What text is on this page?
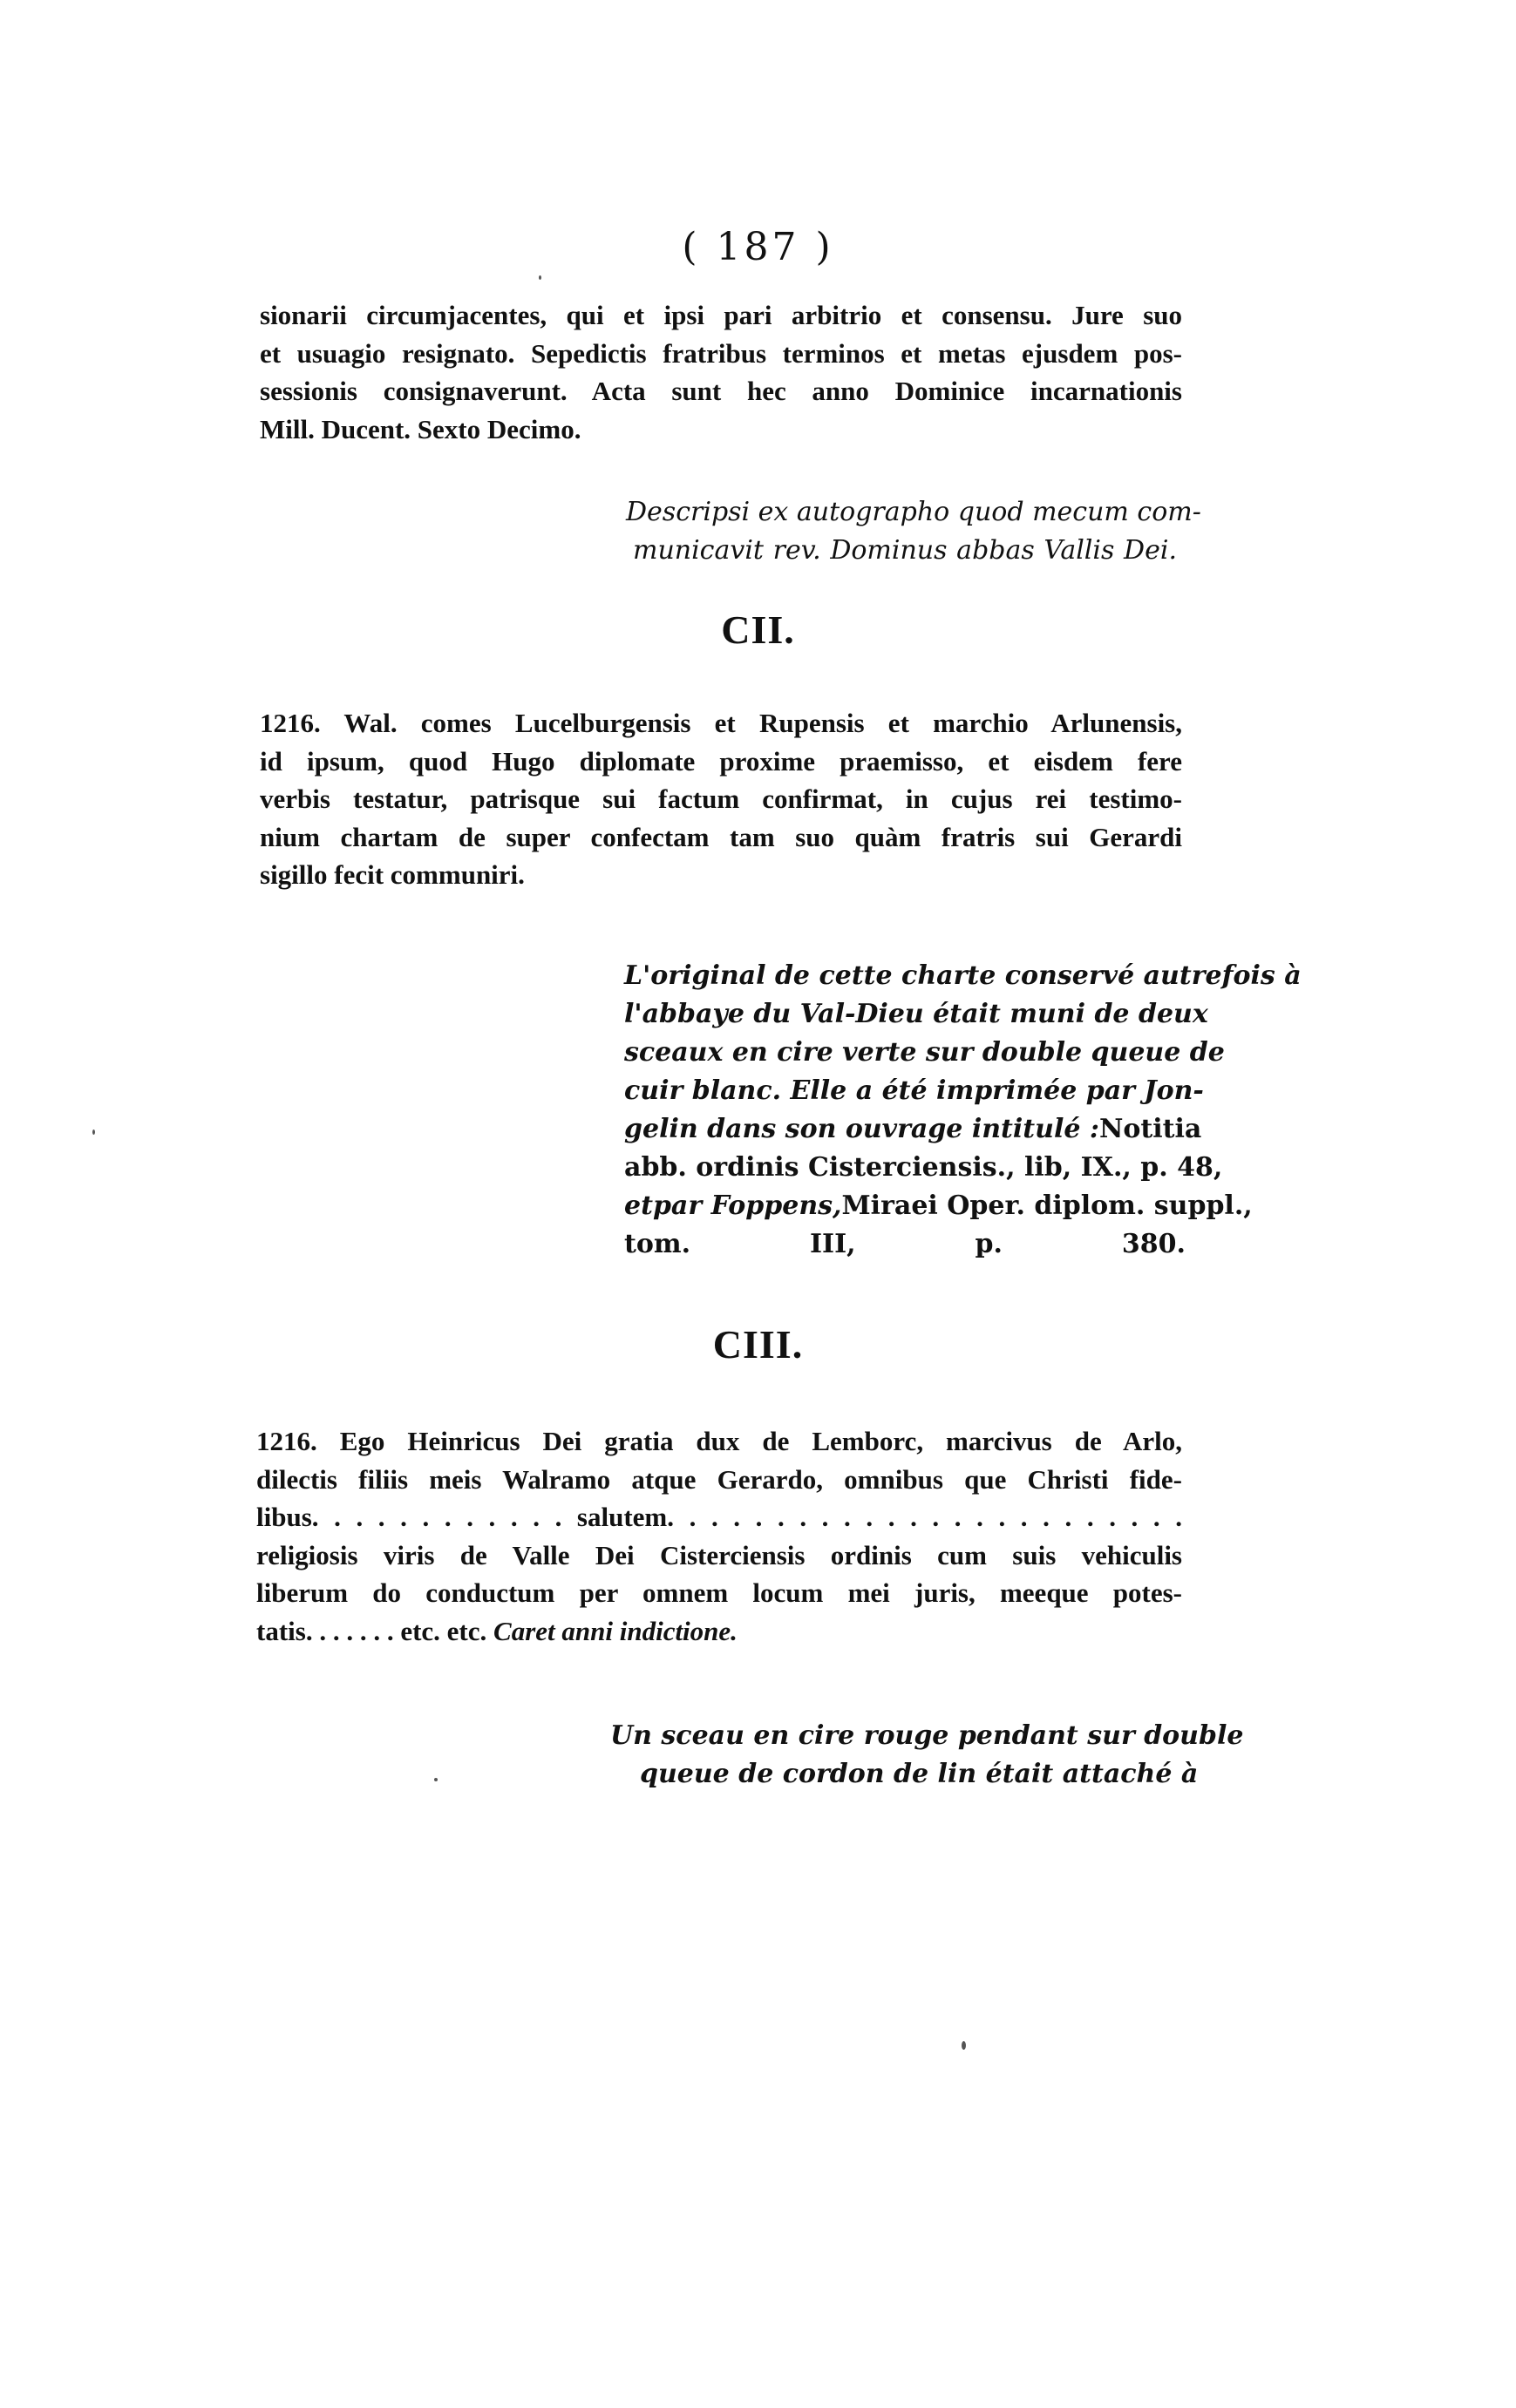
( 187 )
sionarii circumjacentes, qui et ipsi pari arbitrio et consensu. Jure suo
et usuagio resignato. Sepedictis fratribus terminos et metas ejusdem pos-
sessionis consignaverunt. Acta sunt hec anno Dominice incarnationis
Mill. Ducent. Sexto Decimo.
Descripsi ex autographo quod mecum com-
municavit rev. Dominus abbas Vallis Dei.
CII.
1216. Wal. comes Lucelburgensis et Rupensis et marchio Arlunensis,
id ipsum, quod Hugo diplomate proxime praemisso, et eisdem fere
verbis testatur, patrisque sui factum confirmat, in cujus rei testimo-
nium chartam de super confectam tam suo quàm fratris sui Gerardi
sigillo fecit communiri.
L'original de cette charte conservé autrefois à
l'abbaye du Val-Dieu était muni de deux
sceaux en cire verte sur double queue de
cuir blanc. Elle a été imprimée par Jon-
gelin dans son ouvrage intitulé : Notitia
abb. ordinis Cisterciensis., lib, IX., p. 48,
etpar Foppens, Miraei Oper. diplom. suppl.,
tom. III, p. 380.
CIII.
1216. Ego Heinricus Dei gratia dux de Lemborc, marcivus de Arlo,
dilectis filiis meis Walramo atque Gerardo, omnibus que Christi fide-
libus. . . . . . . . . . . . salutem. . . . . . . . . . . . . . . . . . . . . . . .
religiosis viris de Valle Dei Cisterciensis ordinis cum suis vehiculis
liberum do conductum per omnem locum mei juris, meeque potes-
tatis. . . . . . . etc. etc. Caret anni indictione.
Un sceau en cire rouge pendant sur double
queue de cordon de lin était attaché à
